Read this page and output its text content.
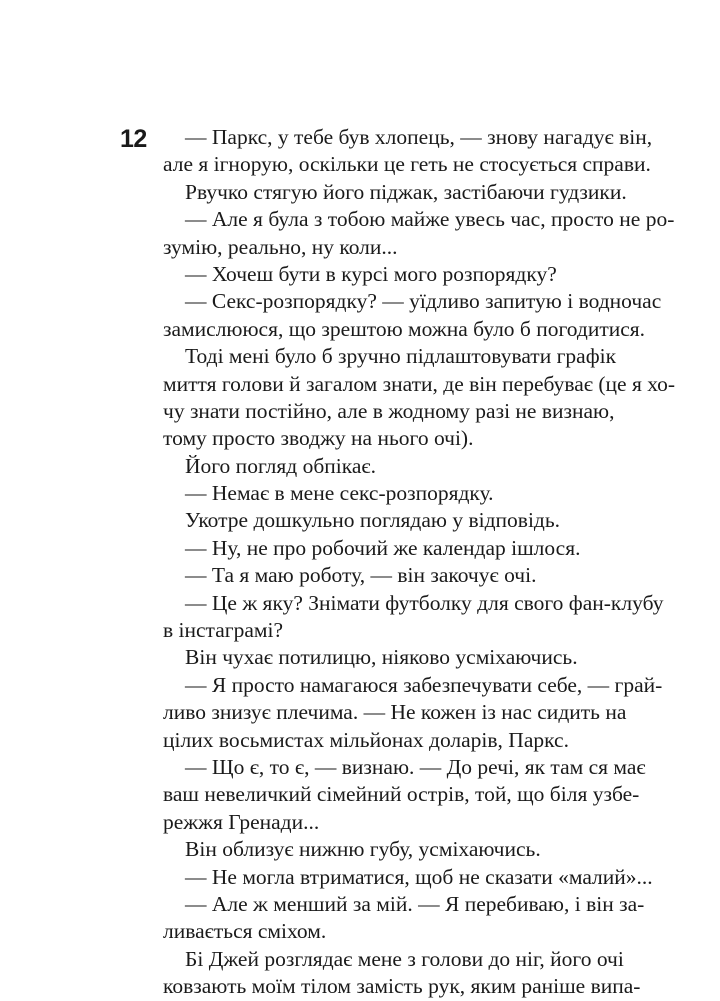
12	— Паркс, у тебе був хлопець, — знову нагадує він,
але я ігнорую, оскільки це геть не стосується справи.
Рвучко стягую його піджак, застібаючи гудзики.
— Але я була з тобою майже увесь час, просто не ро-
зумію, реально, ну коли...
— Хочеш бути в курсі мого розпорядку?
— Секс-розпорядку? — уїдливо запитую і водночас
замислююся, що зрештою можна було б погодитися.
Тоді мені було б зручно підлаштовувати графік
миття голови й загалом знати, де він перебуває (це я хо-
чу знати постійно, але в жодному разі не визнаю,
тому просто зводжу на нього очі).
Його погляд обпікає.
— Немає в мене секс-розпорядку.
Укотре дошкульно поглядаю у відповідь.
— Ну, не про робочий же календар ішлося.
— Та я маю роботу, — він закочує очі.
— Це ж яку? Знімати футболку для свого фан-клубу
в інстаграмі?
Він чухає потилицю, ніяково усміхаючись.
— Я просто намагаюся забезпечувати себе, — грай-
ливо знизує плечима. — Не кожен із нас сидить на
цілих восьмистах мільйонах доларів, Паркс.
— Що є, то є, — визнаю. — До речі, як там ся має
ваш невеличкий сімейний острів, той, що біля узбе-
режжя Гренади...
Він облизує нижню губу, усміхаючись.
— Не могла втриматися, щоб не сказати «малий»...
— Але ж менший за мій. — Я перебиваю, і він за-
ливається сміхом.
Бі Джей розглядає мене з голови до ніг, його очі
ковзають моїм тілом замість рук, яким раніше випа-
